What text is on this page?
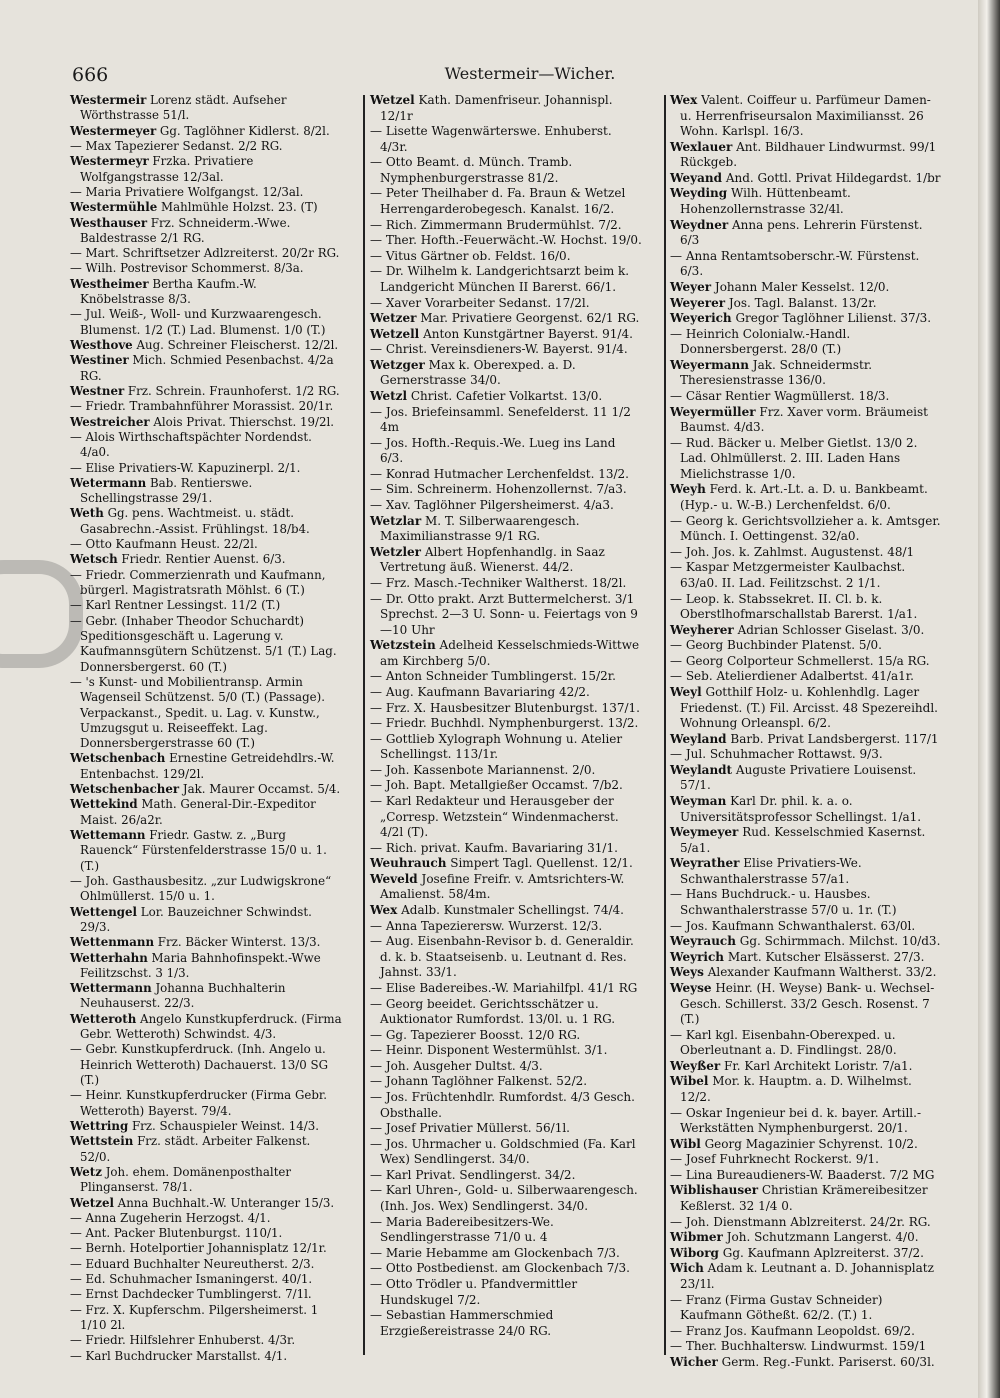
666	Westermeir—Wicher.

Westermeir Lorenz städt. Aufseher Wörthstrasse 51/l.

Westermeyer Gg. Taglöhner Kidlerst. 8/2l.

— Max Tapezierer Sedanst. 2/2 RG.

Westermeyr Frzka. Privatiere Wolfgangstrasse 12/3al.

— Maria Privatiere Wolfgangst. 12/3al.

Westermühle Mahlmühle Holzst. 23. (T)

Westhauser Frz. Schneiderm.-Wwe. Baldestrasse 2/1 RG.

— Mart. Schriftsetzer Adlzreiterst. 20/2r RG.

— Wilh. Postrevisor Schommerst. 8/3a.

Westheimer Bertha Kaufm.-W. Knöbelstrasse 8/3.

— Jul. Weiß-, Woll- und Kurzwaarengesch. Blumenst. 1/2 (T.) Lad. Blumenst. 1/0 (T.)

Westhove Aug. Schreiner Fleischerst. 12/2l.

Westiner Mich. Schmied Pesenbachst. 4/2a RG.

Westner Frz. Schrein. Fraunhoferst. 1/2 RG.

— Friedr. Trambahnführer Morassist. 20/1r.

Westreicher Alois Privat. Thierschst. 19/2l.

— Alois Wirthschaftspächter Nordendst. 4/a0.

— Elise Privatiers-W. Kapuzinerpl. 2/1.

Wetermann Bab. Rentierswe. Schellingstrasse 29/1.

Weth Gg. pens. Wachtmeist. u. städt. Gasabrechn.-Assist. Frühlingst. 18/b4.

— Otto Kaufmann Heust. 22/2l.

Wetsch Friedr. Rentier Auenst. 6/3.

— Friedr. Commerzienrath und Kaufmann, bürgerl. Magistratsrath Möhlst. 6 (T.)

— Karl Rentner Lessingst. 11/2 (T.)

— Gebr. (Inhaber Theodor Schuchardt) Speditionsgeschäft u. Lagerung v. Kaufmannsgütern Schützenst. 5/1 (T.) Lag. Donnersbergerst. 60 (T.)

— 's Kunst- und Mobilientransp. Armin Wagenseil Schützenst. 5/0 (T.) (Passage). Verpackanst., Spedit. u. Lag. v. Kunstw., Umzugsgut u. Reiseeffekt. Lag. Donnersbergerstrasse 60 (T.)

Wetschenbach Ernestine Getreidehdlrs.-W. Entenbachst. 129/2l.

Wetschenbacher Jak. Maurer Occamst. 5/4.

Wettekind Math. General-Dir.-Expeditor Maist. 26/a2r.

Wettemann Friedr. Gastw. z. „Burg Rauenck“ Fürstenfelderstrasse 15/0 u. 1. (T.)

— Joh. Gasthausbesitz. „zur Ludwigskrone“ Ohlmüllerst. 15/0 u. 1.

Wettengel Lor. Bauzeichner Schwindst. 29/3.

Wettenmann Frz. Bäcker Winterst. 13/3.

Wetterhahn Maria Bahnhofinspekt.-Wwe Feilitzschst. 3 1/3.

Wettermann Johanna Buchhalterin Neuhauserst. 22/3.

Wetteroth Angelo Kunstkupferdruck. (Firma Gebr. Wetteroth) Schwindst. 4/3.

— Gebr. Kunstkupferdruck. (Inh. Angelo u. Heinrich Wetteroth) Dachauerst. 13/0 SG (T.)

— Heinr. Kunstkupferdrucker (Firma Gebr. Wetteroth) Bayerst. 79/4.

Wettring Frz. Schauspieler Weinst. 14/3.

Wettstein Frz. städt. Arbeiter Falkenst. 52/0.

Wetz Joh. ehem. Domänenposthalter Plinganserst. 78/1.

Wetzel Anna Buchhalt.-W. Unteranger 15/3.

— Anna Zugeherin Herzogst. 4/1.

— Ant. Packer Blutenburgst. 110/1.

— Bernh. Hotelportier Johannisplatz 12/1r.

— Eduard Buchhalter Neureutherst. 2/3.

— Ed. Schuhmacher Ismaningerst. 40/1.

— Ernst Dachdecker Tumblingerst. 7/1l.

— Frz. X. Kupferschm. Pilgersheimerst. 1 1/10 2l.

— Friedr. Hilfslehrer Enhuberst. 4/3r.

— Karl Buchdrucker Marstallst. 4/1.

Wetzel Kath. Damenfriseur. Johannispl. 12/1r

— Lisette Wagenwärterswe. Enhuberst. 4/3r.

— Otto Beamt. d. Münch. Tramb. Nymphenburgerstrasse 81/2.

— Peter Theilhaber d. Fa. Braun & Wetzel Herrengarderobegesch. Kanalst. 16/2.

— Rich. Zimmermann Brudermühlst. 7/2.

— Ther. Hofth.-Feuerwächt.-W. Hochst. 19/0.

— Vitus Gärtner ob. Feldst. 16/0.

— Dr. Wilhelm k. Landgerichtsarzt beim k. Landgericht München II Barerst. 66/1.

— Xaver Vorarbeiter Sedanst. 17/2l.

Wetzer Mar. Privatiere Georgenst. 62/1 RG.

Wetzell Anton Kunstgärtner Bayerst. 91/4.

— Christ. Vereinsdieners-W. Bayerst. 91/4.

Wetzger Max k. Oberexped. a. D. Gernerstrasse 34/0.

Wetzl Christ. Cafetier Volkartst. 13/0.

— Jos. Briefeinsamml. Senefelderst. 11 1/2 4m

— Jos. Hofth.-Requis.-We. Lueg ins Land 6/3.

— Konrad Hutmacher Lerchenfeldst. 13/2.

— Sim. Schreinerm. Hohenzollernst. 7/a3.

— Xav. Taglöhner Pilgersheimerst. 4/a3.

Wetzlar M. T. Silberwaarengesch. Maximilianstrasse 9/1 RG.

Wetzler Albert Hopfenhandlg. in Saaz Vertretung äuß. Wienerst. 44/2.

— Frz. Masch.-Techniker Waltherst. 18/2l.

— Dr. Otto prakt. Arzt Buttermelcherst. 3/1 Sprechst. 2—3 U. Sonn- u. Feiertags von 9—10 Uhr

Wetzstein Adelheid Kesselschmieds-Wittwe am Kirchberg 5/0.

— Anton Schneider Tumblingerst. 15/2r.

— Aug. Kaufmann Bavariaring 42/2.

— Frz. X. Hausbesitzer Blutenburgst. 137/1.

— Friedr. Buchhdl. Nymphenburgerst. 13/2.

— Gottlieb Xylograph Wohnung u. Atelier Schellingst. 113/1r.

— Joh. Kassenbote Mariannenst. 2/0.

— Joh. Bapt. Metallgießer Occamst. 7/b2.

— Karl Redakteur und Herausgeber der „Corresp. Wetzstein“ Windenmacherst. 4/2l (T).

— Rich. privat. Kaufm. Bavariaring 31/1.

Weuhrauch Simpert Tagl. Quellenst. 12/1.

Weveld Josefine Freifr. v. Amtsrichters-W. Amalienst. 58/4m.

Wex Adalb. Kunstmaler Schellingst. 74/4.

— Anna Tapezierersw. Wurzerst. 12/3.

— Aug. Eisenbahn-Revisor b. d. Generaldir. d. k. b. Staatseisenb. u. Leutnant d. Res. Jahnst. 33/1.

— Elise Badereibes.-W. Mariahilfpl. 41/1 RG

— Georg beeidet. Gerichtsschätzer u. Auktionator Rumfordst. 13/0l. u. 1 RG.

— Gg. Tapezierer Boosst. 12/0 RG.

— Heinr. Disponent Westermühlst. 3/1.

— Joh. Ausgeher Dultst. 4/3.

— Johann Taglöhner Falkenst. 52/2.

— Jos. Früchtenhdlr. Rumfordst. 4/3 Gesch. Obsthalle.

— Josef Privatier Müllerst. 56/1l.

— Jos. Uhrmacher u. Goldschmied (Fa. Karl Wex) Sendlingerst. 34/0.

— Karl Privat. Sendlingerst. 34/2.

— Karl Uhren-, Gold- u. Silberwaarengesch. (Inh. Jos. Wex) Sendlingerst. 34/0.

— Maria Badereibesitzers-We. Sendlingerstrasse 71/0 u. 4

— Marie Hebamme am Glockenbach 7/3.

— Otto Postbedienst. am Glockenbach 7/3.

— Otto Trödler u. Pfandvermittler Hundskugel 7/2.

— Sebastian Hammerschmied Erzgießereistrasse 24/0 RG.

Wex Valent. Coiffeur u. Parfümeur Damen- u. Herrenfriseursalon Maximiliansst. 26 Wohn. Karlspl. 16/3.

Wexlauer Ant. Bildhauer Lindwurmst. 99/1 Rückgeb.

Weyand And. Gottl. Privat Hildegardst. 1/br

Weyding Wilh. Hüttenbeamt. Hohenzollernstrasse 32/4l.

Weydner Anna pens. Lehrerin Fürstenst. 6/3

— Anna Rentamtsoberschr.-W. Fürstenst. 6/3.

Weyer Johann Maler Kesselst. 12/0.

Weyerer Jos. Tagl. Balanst. 13/2r.

Weyerich Gregor Taglöhner Lilienst. 37/3.

— Heinrich Colonialw.-Handl. Donnersbergerst. 28/0 (T.)

Weyermann Jak. Schneidermstr. Theresienstrasse 136/0.

— Cäsar Rentier Wagmüllerst. 18/3.

Weyermüller Frz. Xaver vorm. Bräumeist Baumst. 4/d3.

— Rud. Bäcker u. Melber Gietlst. 13/0 2. Lad. Ohlmüllerst. 2. III. Laden Hans Mielichstrasse 1/0.

Weyh Ferd. k. Art.-Lt. a. D. u. Bankbeamt. (Hyp.- u. W.-B.) Lerchenfeldst. 6/0.

— Georg k. Gerichtsvollzieher a. k. Amtsger. Münch. I. Oettingenst. 32/a0.

— Joh. Jos. k. Zahlmst. Augustenst. 48/1

— Kaspar Metzgermeister Kaulbachst. 63/a0. II. Lad. Feilitzschst. 2 1/1.

— Leop. k. Stabssekret. II. Cl. b. k. Oberstlhofmarschallstab Barerst. 1/a1.

Weyherer Adrian Schlosser Giselast. 3/0.

— Georg Buchbinder Platenst. 5/0.

— Georg Colporteur Schmellerst. 15/a RG.

— Seb. Atelierdiener Adalbertst. 41/a1r.

Weyl Gotthilf Holz- u. Kohlenhdlg. Lager Friedenst. (T.) Fil. Arcisst. 48 Spezereihdl. Wohnung Orleanspl. 6/2.

Weyland Barb. Privat Landsbergerst. 117/1

— Jul. Schuhmacher Rottawst. 9/3.

Weylandt Auguste Privatiere Louisenst. 57/1.

Weyman Karl Dr. phil. k. a. o. Universitätsprofessor Schellingst. 1/a1.

Weymeyer Rud. Kesselschmied Kasernst. 5/a1.

Weyrather Elise Privatiers-We. Schwanthalerstrasse 57/a1.

— Hans Buchdruck.- u. Hausbes. Schwanthalerstrasse 57/0 u. 1r. (T.)

— Jos. Kaufmann Schwanthalerst. 63/0l.

Weyrauch Gg. Schirmmach. Milchst. 10/d3.

Weyrich Mart. Kutscher Elsässerst. 27/3.

Weys Alexander Kaufmann Waltherst. 33/2.

Weyse Heinr. (H. Weyse) Bank- u. Wechsel-Gesch. Schillerst. 33/2 Gesch. Rosenst. 7 (T.)

— Karl kgl. Eisenbahn-Oberexped. u. Oberleutnant a. D. Findlingst. 28/0.

Weyßer Fr. Karl Architekt Loristr. 7/a1.

Wibel Mor. k. Hauptm. a. D. Wilhelmst. 12/2.

— Oskar Ingenieur bei d. k. bayer. Artill.-Werkstätten Nymphenburgerst. 20/1.

Wibl Georg Magazinier Schyrenst. 10/2.

— Josef Fuhrknecht Rockerst. 9/1.

— Lina Bureaudieners-W. Baaderst. 7/2 MG

Wiblishauser Christian Krämereibesitzer Keßlerst. 32 1/4 0.

— Joh. Dienstmann Ablzreiterst. 24/2r. RG.

Wibmer Joh. Schutzmann Langerst. 4/0.

Wiborg Gg. Kaufmann Aplzreiterst. 37/2.

Wich Adam k. Leutnant a. D. Johannisplatz 23/1l.

— Franz (Firma Gustav Schneider) Kaufmann Götheßt. 62/2. (T.) 1.

— Franz Jos. Kaufmann Leopoldst. 69/2.

— Ther. Buchhaltersw. Lindwurmst. 159/1

Wicher Germ. Reg.-Funkt. Pariserst. 60/3l.
